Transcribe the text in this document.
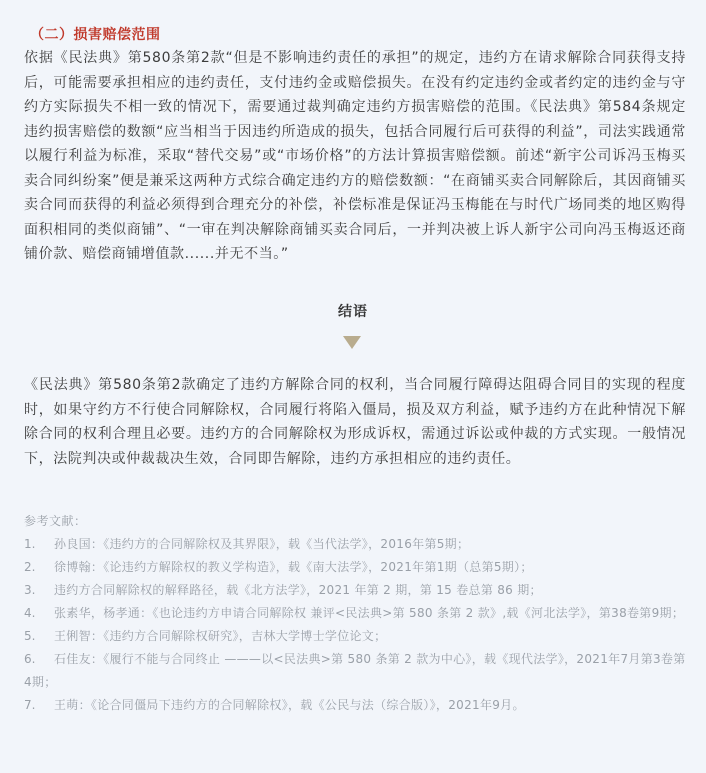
（二）损害赔偿范围

依据《民法典》第580条第2款“但是不影响违约责任的承担”的规定，违约方在请求解除合同获得支持后，可能需要承担相应的违约责任，支付违约金或赔偿损失。在没有约定违约金或者约定的违约金与守约方实际损失不相一致的情况下，需要通过裁判确定违约方损害赔偿的范围。《民法典》第584条规定违约损害赔偿的数额“应当相当于因违约所造成的损失，包括合同履行后可获得的利益”，司法实践通常以履行利益为标准，采取“替代交易”或“市场价格”的方法计算损害赔偿额。前述“新宇公司诉冯玉梅买卖合同纠纷案”便是兼采这两种方式综合确定违约方的赔偿数额：“在商铺买卖合同解除后，其因商铺买卖合同而获得的利益必须得到合理充分的补偿，补偿标准是保证冯玉梅能在与时代广场同类的地区购得面积相同的类似商铺”、“一审在判决解除商铺买卖合同后，一并判决被上诉人新宇公司向冯玉梅返还商铺价款、赔偿商铺增值款......并无不当。”

结语

《民法典》第580条第2款确定了违约方解除合同的权利，当合同履行障碍达阻碍合同目的实现的程度时，如果守约方不行使合同解除权，合同履行将陷入僵局，损及双方利益，赋予违约方在此种情况下解除合同的权利合理且必要。违约方的合同解除权为形成诉权，需通过诉讼或仲裁的方式实现。一般情况下，法院判决或仲裁裁决生效，合同即告解除，违约方承担相应的违约责任。

参考文献：
1. 孙良国：《违约方的合同解除权及其界限》，载《当代法学》，2016年第5期；
2. 徐博翰：《论违约方解除权的教义学构造》，载《南大法学》，2021年第1期（总第5期）；
3. 违约方合同解除权的解释路径，载《北方法学》，2021 年第 2 期，第 15 卷总第 86 期；
4. 张素华，杨孝通：《也论违约方申请合同解除权 兼评<民法典>第 580 条第 2 款》,载《河北法学》，第38卷第9期；
5. 王俐智：《违约方合同解除权研究》，吉林大学博士学位论文；
6. 石佳友：《履行不能与合同终止 ———以<民法典>第 580 条第 2 款为中心》，载《现代法学》，2021年7月第3卷第4期；
7. 王萌：《论合同僵局下违约方的合同解除权》，载《公民与法（综合版）》，2021年9月。
